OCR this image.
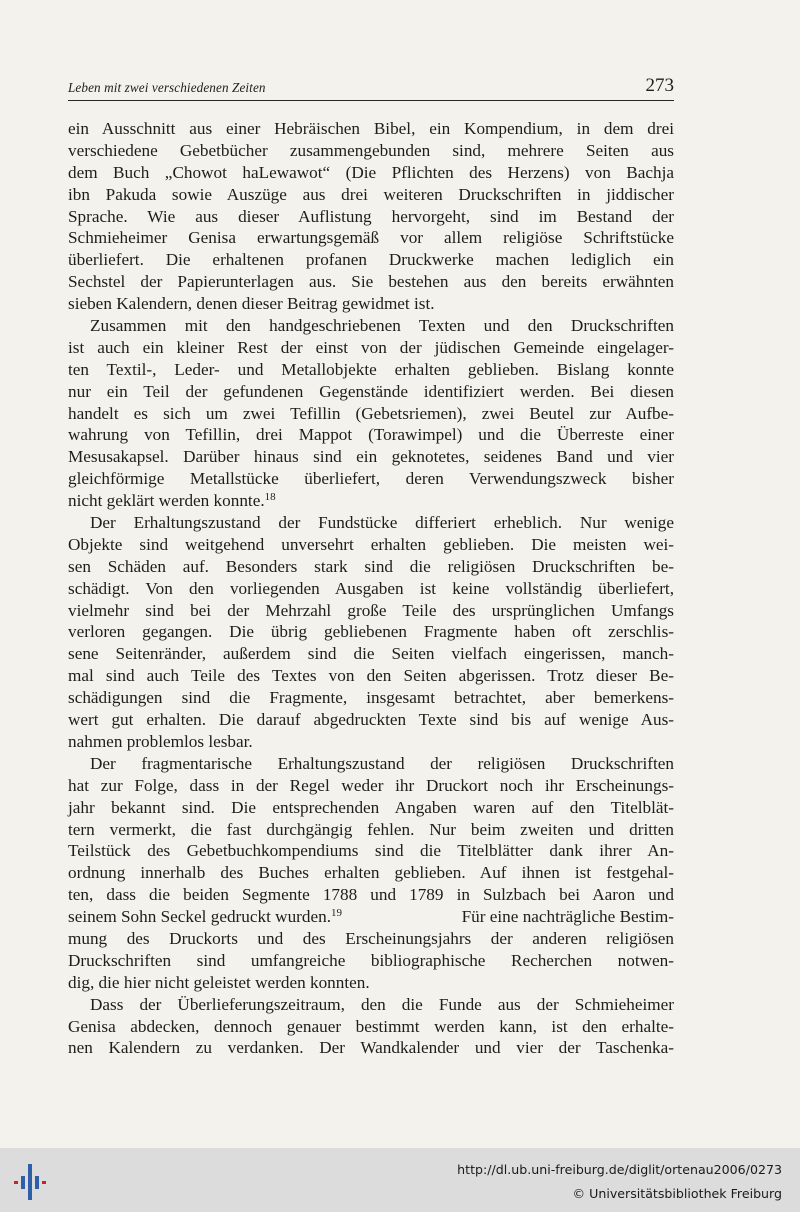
Leben mit zwei verschiedenen Zeiten	273
ein Ausschnitt aus einer Hebräischen Bibel, ein Kompendium, in dem drei
verschiedene Gebetbücher zusammengebunden sind, mehrere Seiten aus
dem Buch „Chowot haLewawot“ (Die Pflichten des Herzens) von Bachja
ibn Pakuda sowie Auszüge aus drei weiteren Druckschriften in jiddischer
Sprache. Wie aus dieser Auflistung hervorgeht, sind im Bestand der
Schmieheimer Genisa erwartungsgemäß vor allem religiöse Schriftstücke
überliefert. Die erhaltenen profanen Druckwerke machen lediglich ein
Sechstel der Papierunterlagen aus. Sie bestehen aus den bereits erwähnten
sieben Kalendern, denen dieser Beitrag gewidmet ist.
Zusammen mit den handgeschriebenen Texten und den Druckschriften
ist auch ein kleiner Rest der einst von der jüdischen Gemeinde eingelager-
ten Textil-, Leder- und Metallobjekte erhalten geblieben. Bislang konnte
nur ein Teil der gefundenen Gegenstände identifiziert werden. Bei diesen
handelt es sich um zwei Tefillin (Gebetsriemen), zwei Beutel zur Aufbe-
wahrung von Tefillin, drei Mappot (Torawimpel) und die Überreste einer
Mesusakapsel. Darüber hinaus sind ein geknotetes, seidenes Band und vier
gleichförmige Metallstücke überliefert, deren Verwendungszweck bisher
nicht geklärt werden konnte.$^{18}$
Der Erhaltungszustand der Fundstücke differiert erheblich. Nur wenige
Objekte sind weitgehend unversehrt erhalten geblieben. Die meisten wei-
sen Schäden auf. Besonders stark sind die religiösen Druckschriften be-
schädigt. Von den vorliegenden Ausgaben ist keine vollständig überliefert,
vielmehr sind bei der Mehrzahl große Teile des ursprünglichen Umfangs
verloren gegangen. Die übrig gebliebenen Fragmente haben oft zerschlis-
sene Seitenränder, außerdem sind die Seiten vielfach eingerissen, manch-
mal sind auch Teile des Textes von den Seiten abgerissen. Trotz dieser Be-
schädigungen sind die Fragmente, insgesamt betrachtet, aber bemerkens-
wert gut erhalten. Die darauf abgedruckten Texte sind bis auf wenige Aus-
nahmen problemlos lesbar.
Der fragmentarische Erhaltungszustand der religiösen Druckschriften
hat zur Folge, dass in der Regel weder ihr Druckort noch ihr Erscheinungs-
jahr bekannt sind. Die entsprechenden Angaben waren auf den Titelblät-
tern vermerkt, die fast durchgängig fehlen. Nur beim zweiten und dritten
Teilstück des Gebetbuchkompendiums sind die Titelblätter dank ihrer An-
ordnung innerhalb des Buches erhalten geblieben. Auf ihnen ist festgehal-
ten, dass die beiden Segmente 1788 und 1789 in Sulzbach bei Aaron und
seinem Sohn Seckel gedruckt wurden.$^{19}$	Für eine nachträgliche Bestim-
mung des Druckorts und des Erscheinungsjahrs der anderen religiösen
Druckschriften sind umfangreiche bibliographische Recherchen notwen-
dig, die hier nicht geleistet werden konnten.
Dass der Überlieferungszeitraum, den die Funde aus der Schmieheimer
Genisa abdecken, dennoch genauer bestimmt werden kann, ist den erhalte-
nen Kalendern zu verdanken. Der Wandkalender und vier der Taschenka-
http://dl.ub.uni-freiburg.de/diglit/ortenau2006/0273
© Universitätsbibliothek Freiburg
